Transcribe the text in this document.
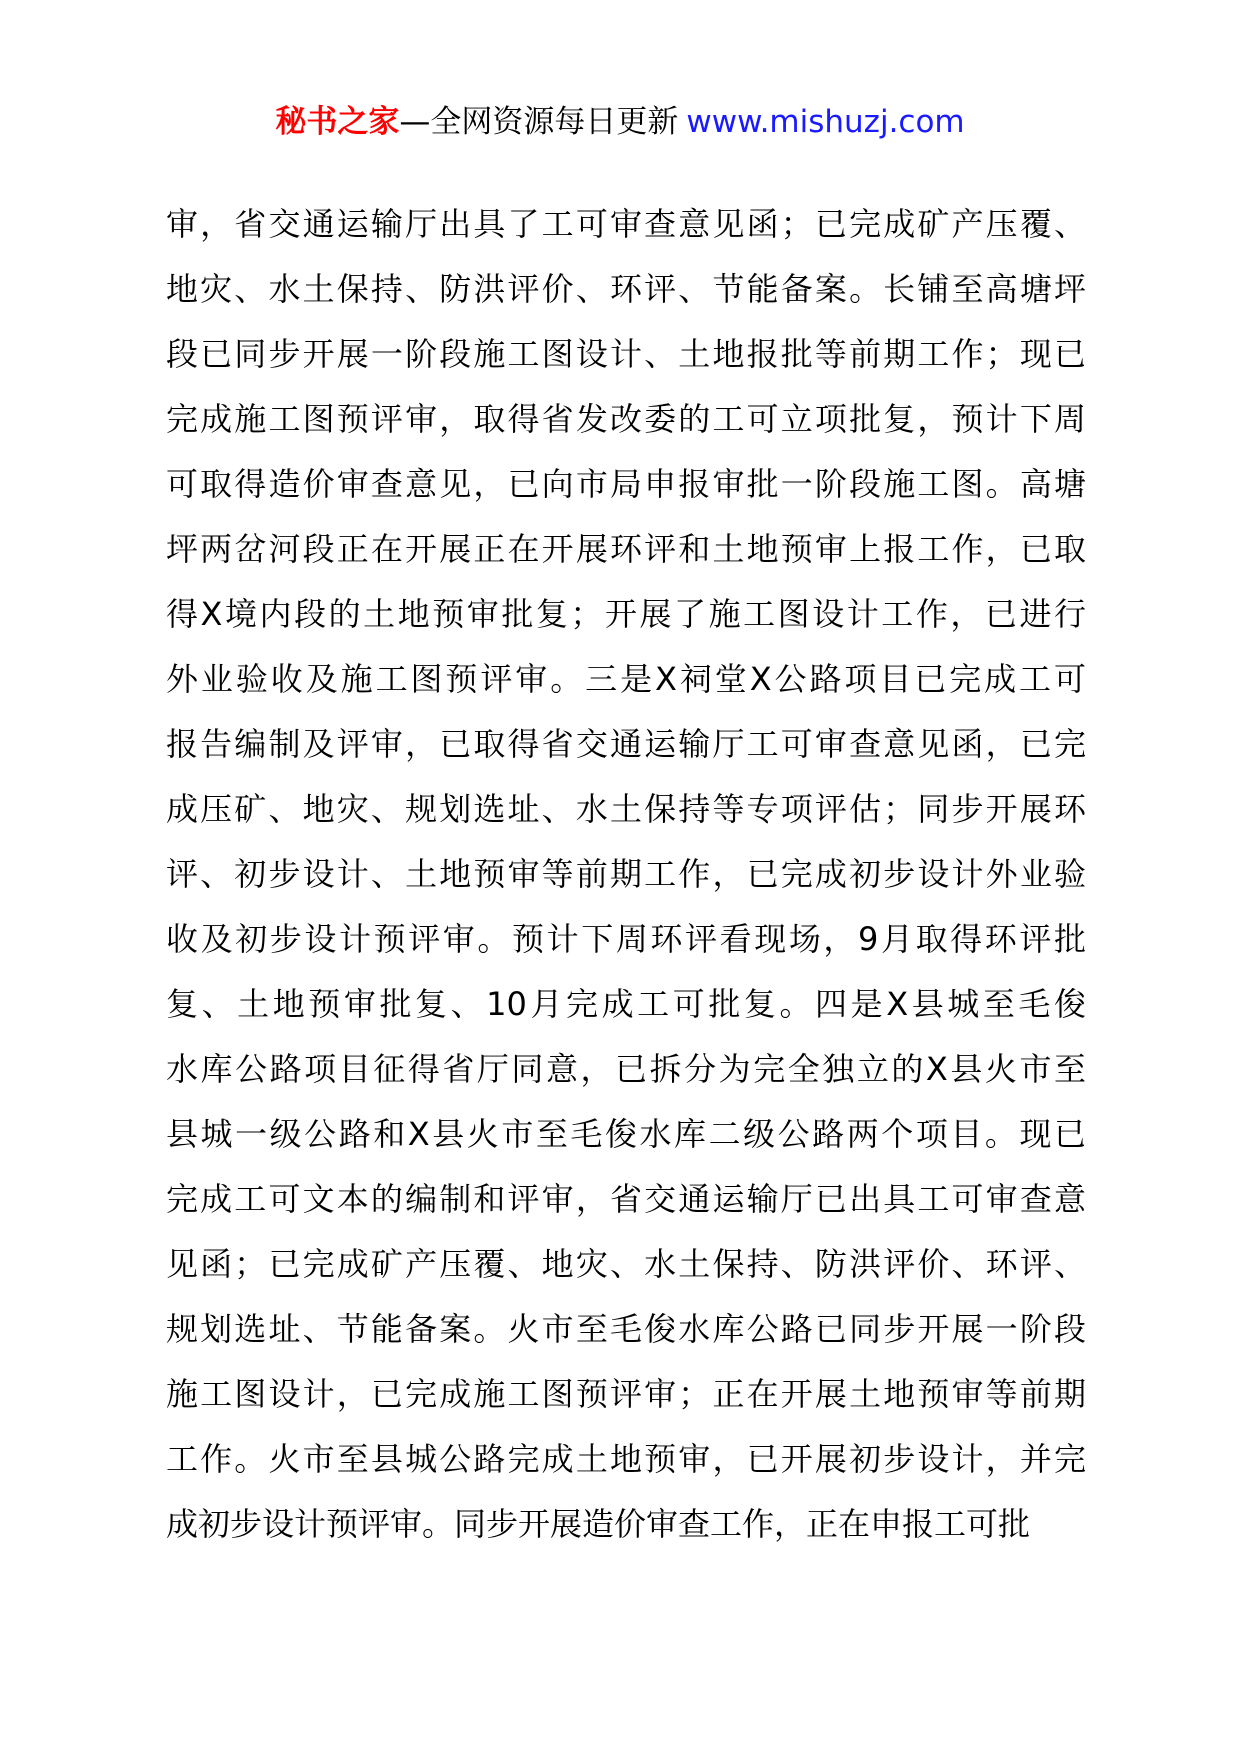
秘书之家—全网资源每日更新 www.mishuzj.com
审，省交通运输厅出具了工可审查意见函；已完成矿产压覆、
地灾、水土保持、防洪评价、环评、节能备案。长铺至高塘坪
段已同步开展一阶段施工图设计、土地报批等前期工作；现已
完成施工图预评审，取得省发改委的工可立项批复，预计下周
可取得造价审查意见，已向市局申报审批一阶段施工图。高塘
坪两岔河段正在开展正在开展环评和土地预审上报工作，已取
得X境内段的土地预审批复；开展了施工图设计工作，已进行
外业验收及施工图预评审。三是X祠堂X公路项目已完成工可
报告编制及评审，已取得省交通运输厅工可审查意见函，已完
成压矿、地灾、规划选址、水土保持等专项评估；同步开展环
评、初步设计、土地预审等前期工作，已完成初步设计外业验
收及初步设计预评审。预计下周环评看现场，9月取得环评批
复、土地预审批复、10月完成工可批复。四是X县城至毛俊
水库公路项目征得省厅同意，已拆分为完全独立的X县火市至
县城一级公路和X县火市至毛俊水库二级公路两个项目。现已
完成工可文本的编制和评审，省交通运输厅已出具工可审查意
见函；已完成矿产压覆、地灾、水土保持、防洪评价、环评、
规划选址、节能备案。火市至毛俊水库公路已同步开展一阶段
施工图设计，已完成施工图预评审；正在开展土地预审等前期
工作。火市至县城公路完成土地预审，已开展初步设计，并完
成初步设计预评审。同步开展造价审查工作，正在申报工可批
